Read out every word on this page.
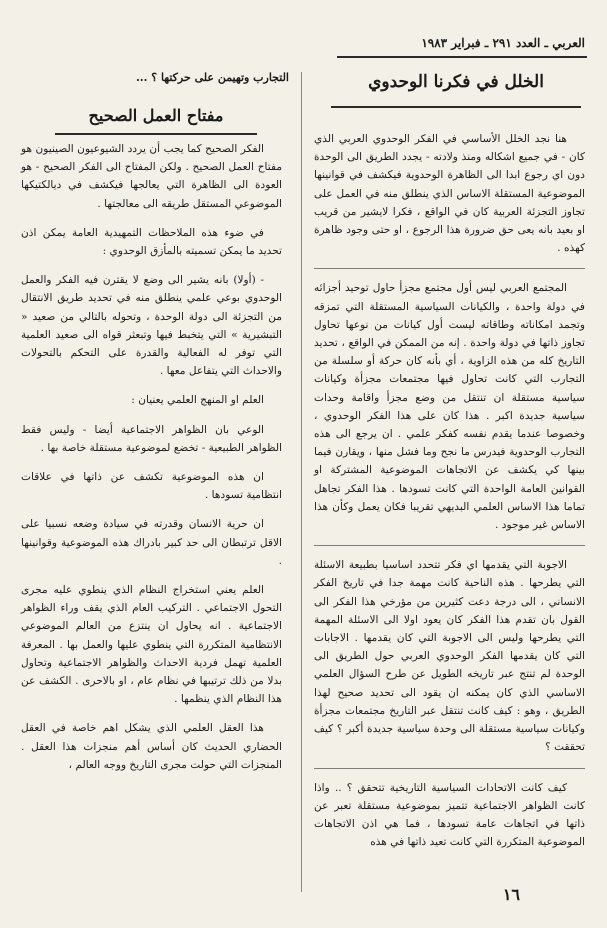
العربي ـ العدد ٢٩١ ـ فبراير ١٩٨٣
الخلل في فكرنا الوحدوي
التجارب وتهيمن على حركتها ؟ ...
مفتاح العمل الصحيح

هنا نجد الخلل الأساسي في الفكر الوحدوي العربي الذي كان - في جميع اشكاله ومنذ ولادته - يجدد الطريق الى الوحدة دون اي رجوع ابدا الى الظاهرة الوحدوية فيكشف في قوانينها الموضوعية المستقلة الاساس الذي ينطلق منه في العمل على تجاوز التجزئة العربية كان في الواقع ، فكرا لايشير من قريب او بعيد بانه يعى حق ضرورة هذا الرجوع ، او حتى وجود ظاهرة كهذه .

المجتمع العربي ليس أول مجتمع مجزأ حاول توحيد أجزائه في دولة واحدة ، والكيانات السياسية المستقلة التي تمزقه وتجمد امكاناته وطاقاته ليست أول كيانات من نوعها تحاول تجاوز ذاتها في دولة واحدة . إنه من الممكن في الواقع ، تحديد التاريخ كله من هذه الزاوية ، أي بأنه كان حركة أو سلسلة من التجارب التي كانت تحاول فيها مجتمعات مجزأة وكيانات سياسية مستقلة ان تنتقل من وضع مجزأ واقامة وحدات سياسية جديدة اكبر . هذا كان على هذا الفكر الوحدوي ، وخصوصا عندما يقدم نفسه كفكر علمي . ان يرجع الى هذه التجارب الوحدوية فيدرس ما نجح وما فشل منها ، ويقارن فيما بينها كي يكشف عن الاتجاهات الموضوعية المشتركة او القوانين العامة الواحدة التي كانت تسودها . هذا الفكر تجاهل تماما هذا الاساس العلمي البديهي تقريبا فكان يعمل وكأن هذا الاساس غير موجود .

الاجوبة التي يقدمها اي فكر تتحدد اساسيا بطبيعة الاسئلة التي يطرحها . هذه الناحية كانت مهمة جدا في تاريخ الفكر الانساني ، الى درجة دعت كثيرين من مؤرخي هذا الفكر الى القول بان تقدم هذا الفكر كان يعود اولا الى الاسئلة المهمة التي يطرحها وليس الى الاجوبة التي كان يقدمها . الاجابات التي كان يقدمها الفكر الوحدوي العربي حول الطريق الى الوحدة لم تنتج عبر تاريخه الطويل عن طرح السؤال العلمي الاساسي الذي كان يمكنه ان يقود الى تحديد صحيح لهذا الطريق ، وهو : كيف كانت تنتقل عبر التاريخ مجتمعات مجزأة وكيانات سياسية مستقلة الى وحدة سياسية جديدة أكبر ؟ كيف تحققت ؟

كيف كانت الاتحادات السياسية التاريخية تتحقق ؟ .. واذا كانت الظواهر الاجتماعية تتميز بموضوعية مستقلة تعبر عن ذاتها في اتجاهات عامة تسودها ، فما هي اذن الاتجاهات الموضوعية المتكررة التي كانت تعيد ذاتها في هذه

الفكر الصحيح كما يجب أن يردد الشيوعيون الصينيون هو مفتاح العمل الصحيح . ولكن المفتاح الى الفكر الصحيح - هو العودة الى الظاهرة التي يعالجها فيكشف في ديالكتيكها الموضوعي المستقل طريقه الى معالجتها .

في ضوء هذه الملاحظات التمهيدية العامة يمكن اذن تحديد ما يمكن تسميته بالمأزق الوحدوي :

- (أولا) بانه يشير الى وضع لا يقترن فيه الفكر والعمل الوحدوي بوعي علمي ينطلق منه في تحديد طريق الانتقال من التجزئة الى دولة الوحدة ، وتحوله بالتالي من صعيد « التبشيرية » التي يتخبط فيها وتبعثر قواه الى صعيد العلمية التي توفر له الفعالية والقدرة على التحكم بالتحولات والاحداث التي يتفاعل معها .

العلم او المنهج العلمي يعنيان :

الوعي بان الظواهر الاجتماعية أيضا - وليس فقط الظواهر الطبيعية - تخضع لموضوعية مستقلة خاصة بها .

ان هذه الموضوعية تكشف عن ذاتها في علاقات انتظامية تسودها .

ان حرية الانسان وقدرته في سيادة وضعه نسبيا على الاقل ترتبطان الى حد كبير بادراك هذه الموضوعية وقوانينها .

العلم يعني استخراج النظام الذي ينطوي عليه مجرى التحول الاجتماعي . التركيب العام الذي يقف وراء الظواهر الاجتماعية . انه يحاول ان ينتزع من العالم الموضوعي الانتظامية المتكررة التي ينطوي عليها والعمل بها . المعرفة العلمية تهمل فردية الاحداث والظواهر الاجتماعية وتحاول بدلا من ذلك ترتيبها في نظام عام ، او بالاحرى . الكشف عن هذا النظام الذي ينظمها .

هذا العقل العلمي الذي يشكل اهم خاصة في العقل الحضاري الحديث كان أساس أهم منجزات هذا العقل . المنجزات التي حولت مجرى التاريخ ووجه العالم ،

١٦
